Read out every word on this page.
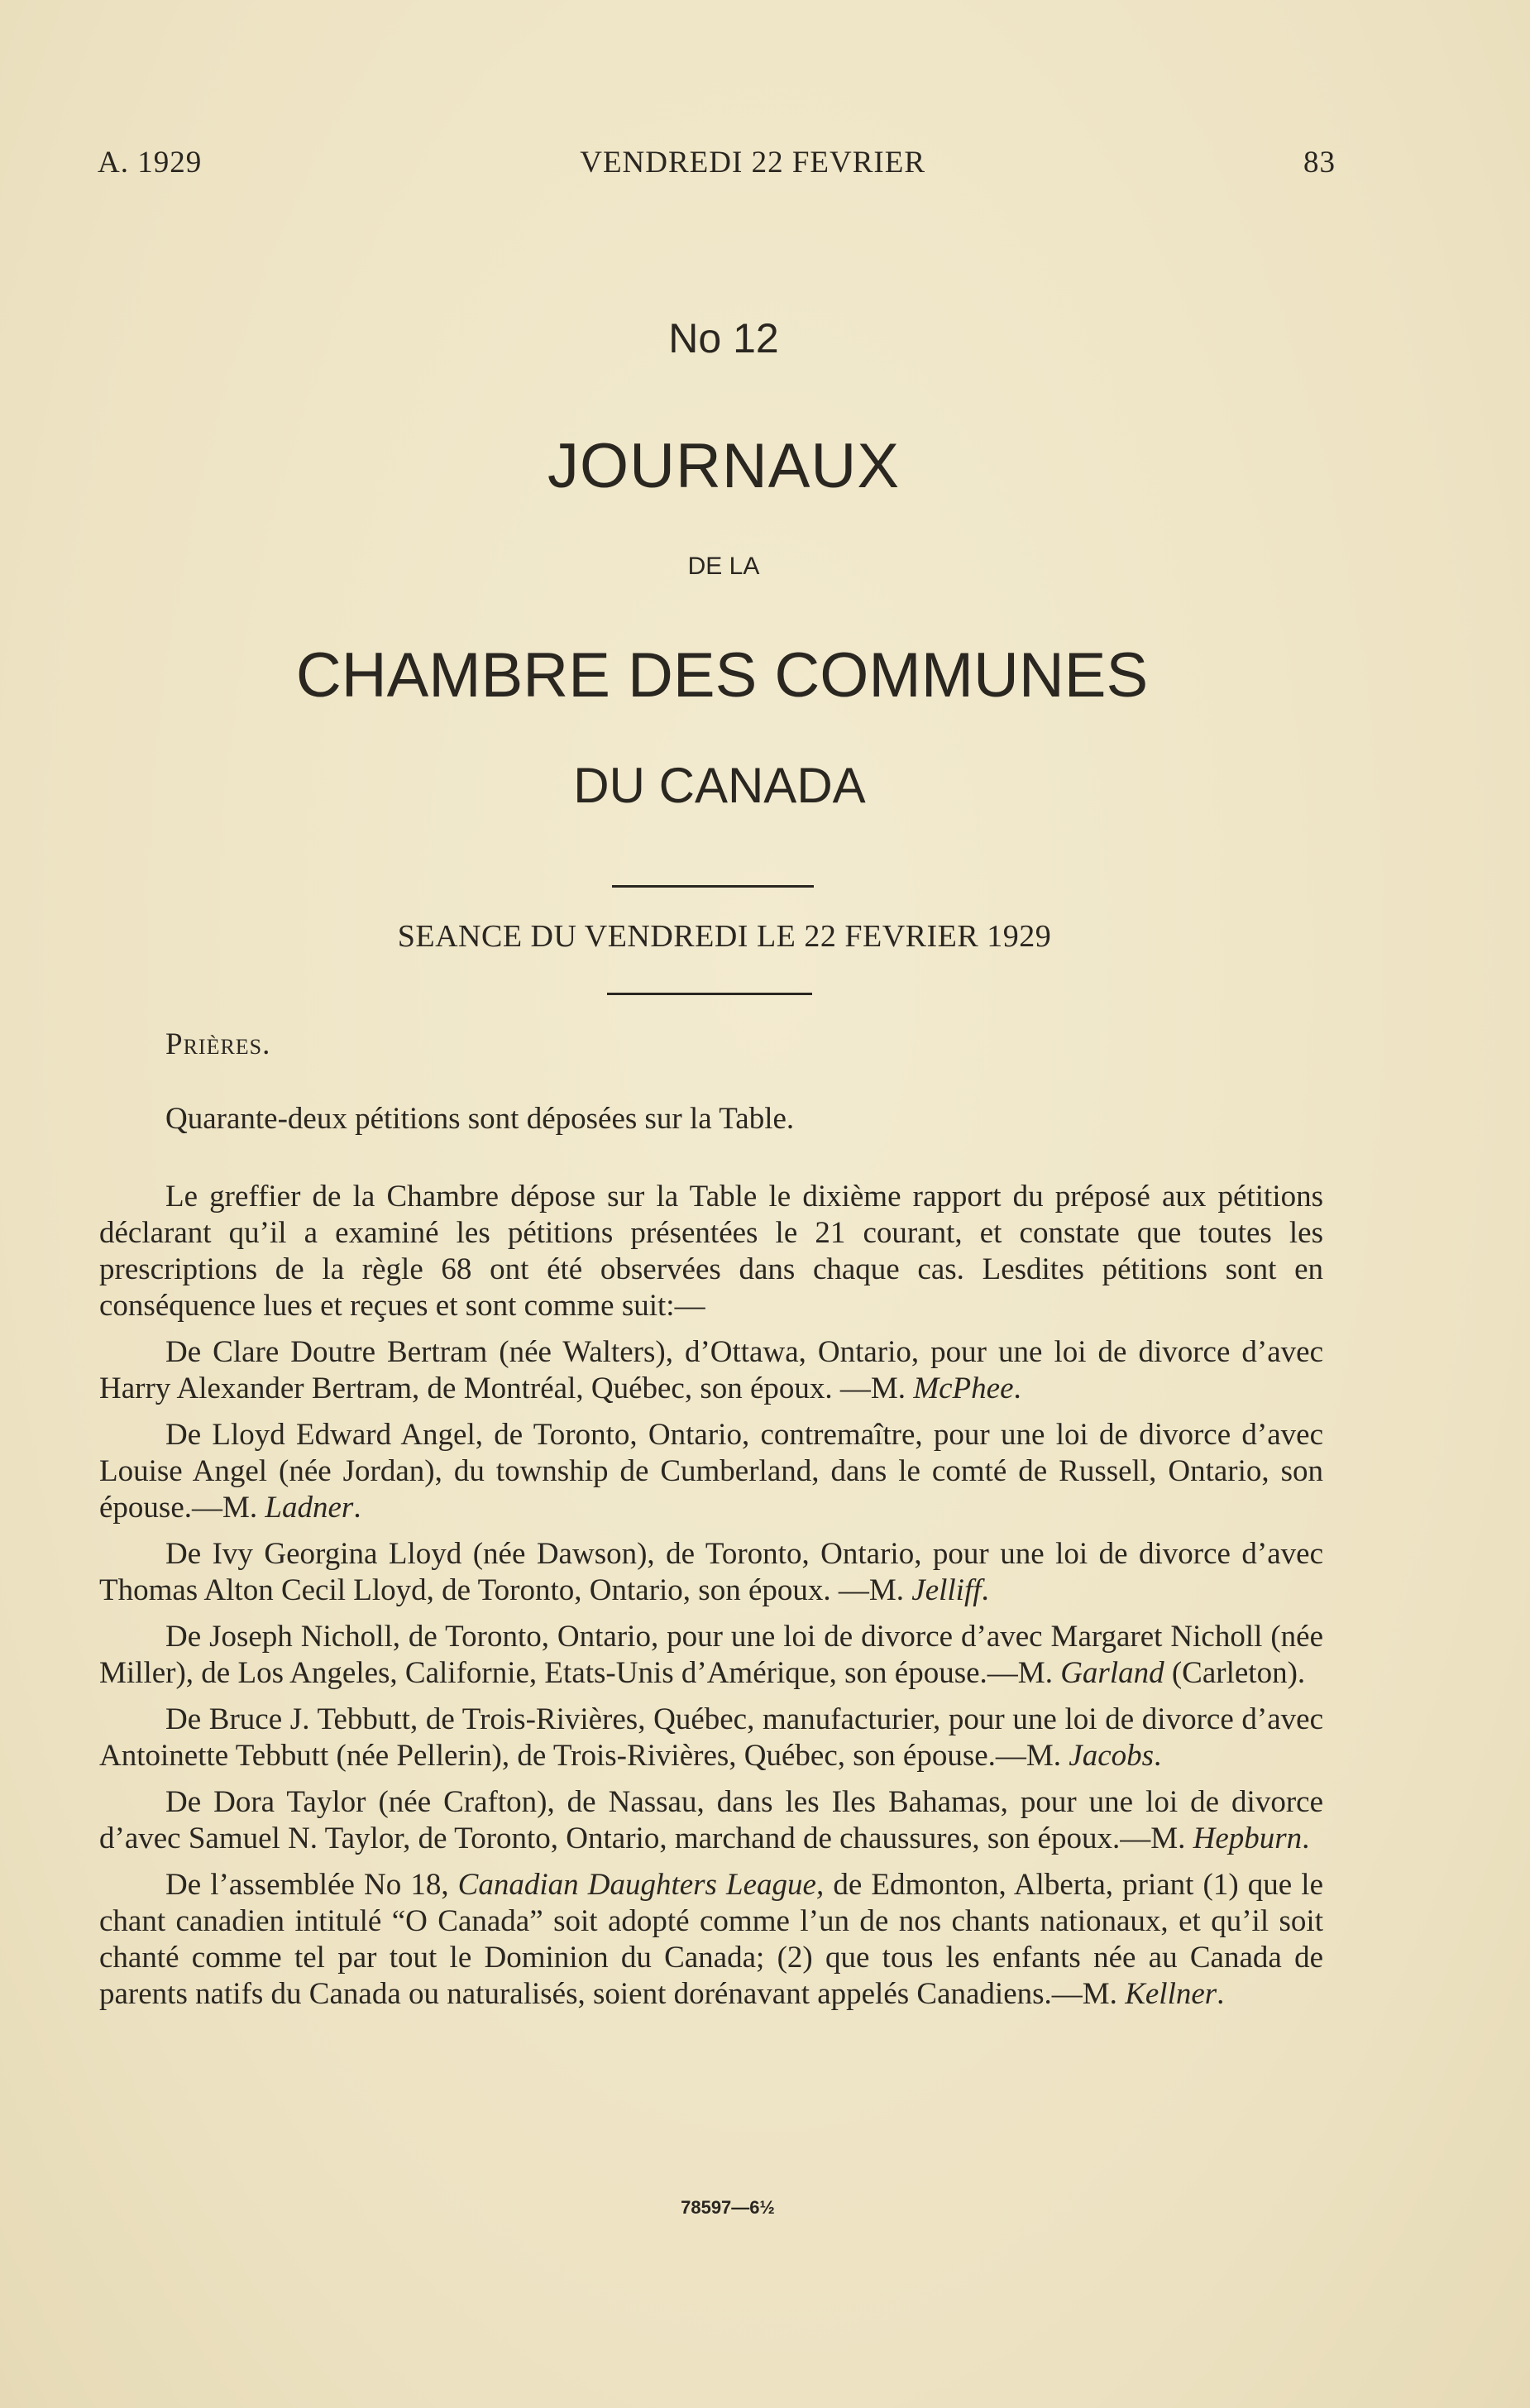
A. 1929	VENDREDI 22 FEVRIER	83
No 12
JOURNAUX
DE LA
CHAMBRE DES COMMUNES
DU CANADA
SEANCE DU VENDREDI LE 22 FEVRIER 1929

Prières.

Quarante-deux pétitions sont déposées sur la Table.

Le greffier de la Chambre dépose sur la Table le dixième rapport du préposé aux pétitions déclarant qu’il a examiné les pétitions présentées le 21 courant, et constate que toutes les prescriptions de la règle 68 ont été observées dans chaque cas. Lesdites pétitions sont en conséquence lues et reçues et sont comme suit:—

De Clare Doutre Bertram (née Walters), d’Ottawa, Ontario, pour une loi de divorce d’avec Harry Alexander Bertram, de Montréal, Québec, son époux. —M. McPhee.

De Lloyd Edward Angel, de Toronto, Ontario, contremaître, pour une loi de divorce d’avec Louise Angel (née Jordan), du township de Cumberland, dans le comté de Russell, Ontario, son épouse.—M. Ladner.

De Ivy Georgina Lloyd (née Dawson), de Toronto, Ontario, pour une loi de divorce d’avec Thomas Alton Cecil Lloyd, de Toronto, Ontario, son époux. —M. Jelliff.

De Joseph Nicholl, de Toronto, Ontario, pour une loi de divorce d’avec Margaret Nicholl (née Miller), de Los Angeles, Californie, Etats-Unis d’Amérique, son épouse.—M. Garland (Carleton).

De Bruce J. Tebbutt, de Trois-Rivières, Québec, manufacturier, pour une loi de divorce d’avec Antoinette Tebbutt (née Pellerin), de Trois-Rivières, Québec, son épouse.—M. Jacobs.

De Dora Taylor (née Crafton), de Nassau, dans les Iles Bahamas, pour une loi de divorce d’avec Samuel N. Taylor, de Toronto, Ontario, marchand de chaussures, son époux.—M. Hepburn.

De l’assemblée No 18, Canadian Daughters League, de Edmonton, Alberta, priant (1) que le chant canadien intitulé “O Canada” soit adopté comme l’un de nos chants nationaux, et qu’il soit chanté comme tel par tout le Dominion du Canada; (2) que tous les enfants née au Canada de parents natifs du Canada ou naturalisés, soient dorénavant appelés Canadiens.—M. Kellner.

78597—6½
